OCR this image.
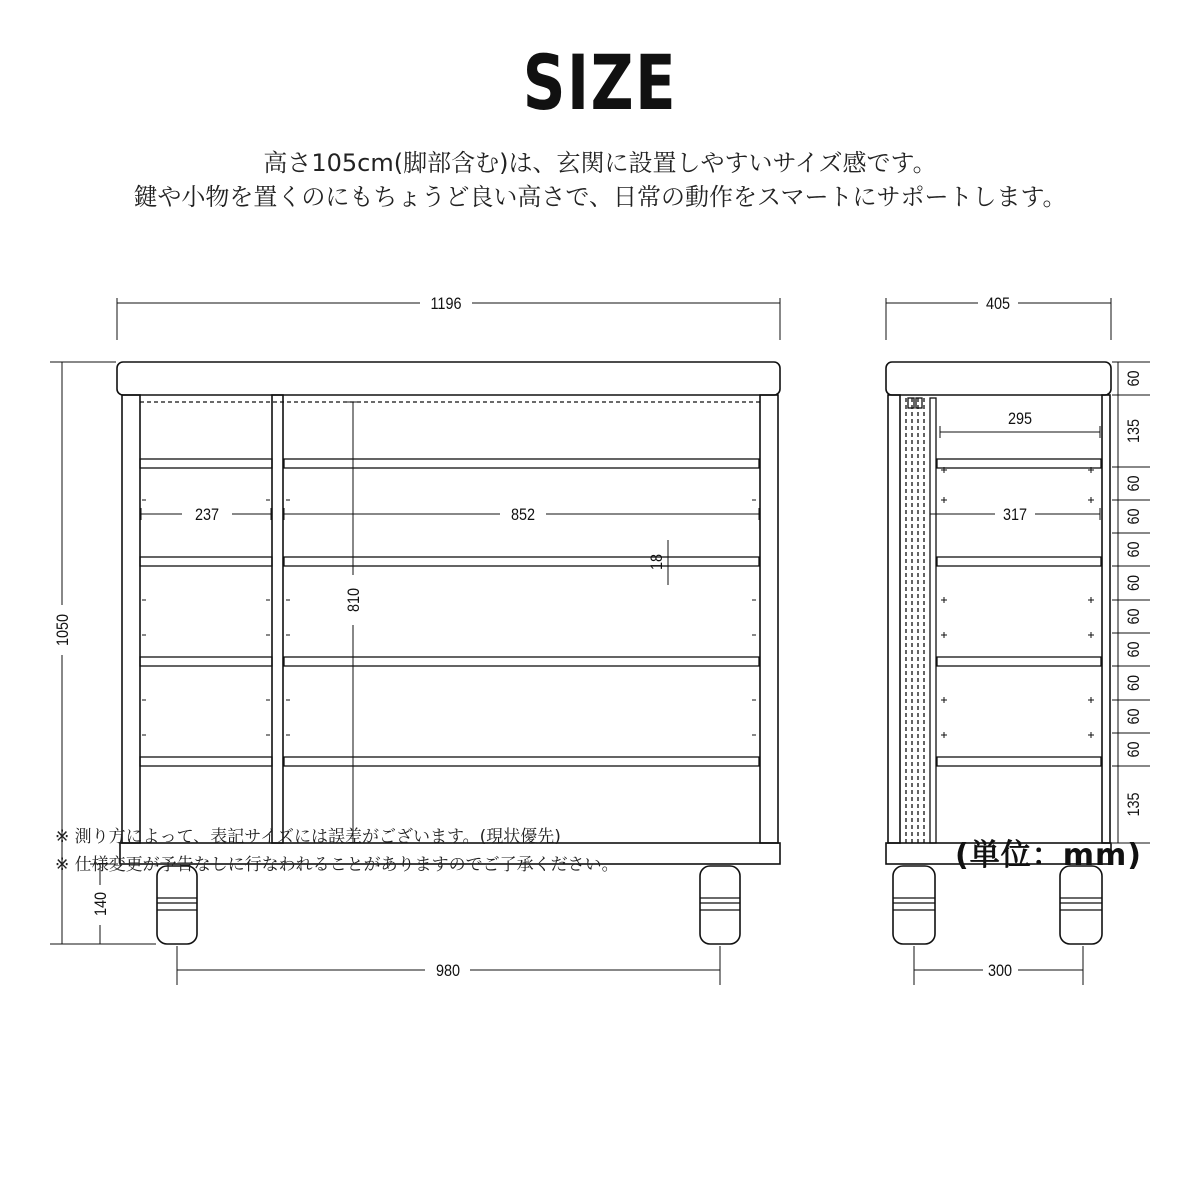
SIZE
高さ105cm(脚部含む)は、玄関に設置しやすいサイズ感です。
鍵や小物を置くのにもちょうど良い高さで、日常の動作をスマートにサポートします。
1196
1050
140
980
237	852
810
18
405
295
317
300
60
135
60
60
60
60
60
60
60
60
60
135
※ 測り方によって、表記サイズには誤差がございます。(現状優先)
※ 仕様変更が予告なしに行なわれることがありますのでご了承ください。	(単位：mm)
